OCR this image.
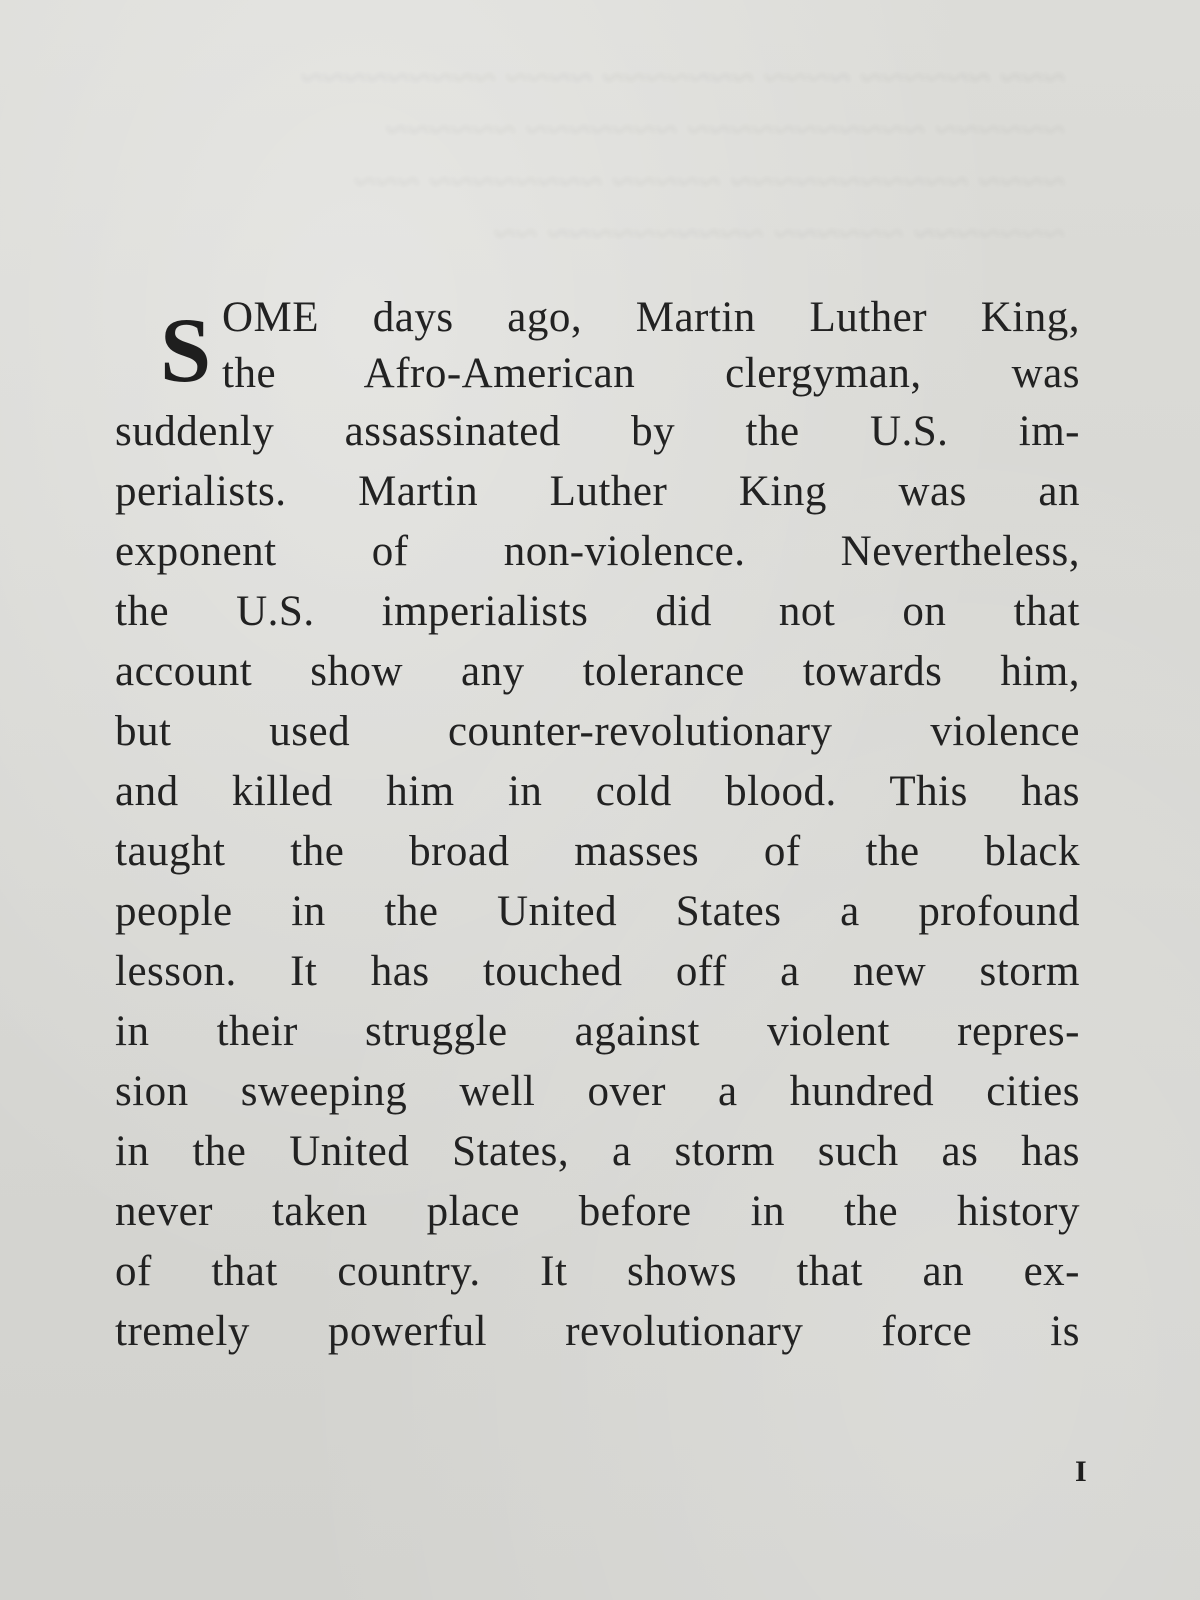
~~~ ~~~~~~ ~~~~ ~~~~~~~ ~~~~ ~~~~~~~~~
~~~~~~ ~~~~~~~~~~~ ~~~~~~~ ~~~~~~
~~~~ ~~~~~~~~~~~ ~~~~~ ~~~~~~~~ ~~~
~~~~~~~ ~~~~~~ ~~~~~~~~~~ ~~
S OME days ago, Martin Luther King,
the Afro-American clergyman, was
suddenly assassinated by the U.S. im-
perialists. Martin Luther King was an
exponent of non-violence. Nevertheless,
the U.S. imperialists did not on that
account show any tolerance towards him,
but used counter-revolutionary violence
and killed him in cold blood. This has
taught the broad masses of the black
people in the United States a profound
lesson. It has touched off a new storm
in their struggle against violent repres-
sion sweeping well over a hundred cities
in the United States, a storm such as has
never taken place before in the history
of that country. It shows that an ex-
tremely powerful revolutionary force is
I
